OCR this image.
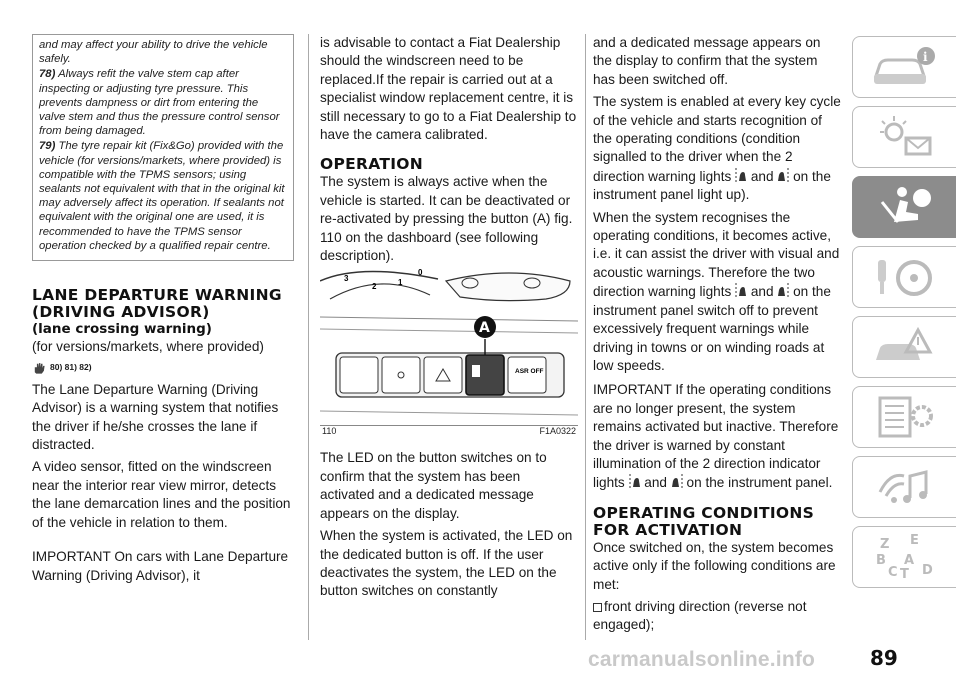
and may affect your ability to drive the vehicle safely.

78) Always refit the valve stem cap after inspecting or adjusting tyre pressure. This prevents dampness or dirt from entering the valve stem and thus the pressure control sensor from being damaged.

79) The tyre repair kit (Fix&Go) provided with the vehicle (for versions/markets, where provided) is compatible with the TPMS sensors; using sealants not equivalent with that in the original kit may adversely affect its operation. If sealants not equivalent with the original one are used, it is recommended to have the TPMS sensor operation checked by a qualified repair centre.

LANE DEPARTURE WARNING (DRIVING ADVISOR)
(lane crossing warning)

(for versions/markets, where provided)

80) 81) 82)

The Lane Departure Warning (Driving Advisor) is a warning system that notifies the driver if he/she crosses the lane if distracted.

A video sensor, fitted on the windscreen near the interior rear view mirror, detects the lane demarcation lines and the position of the vehicle in relation to them.

IMPORTANT On cars with Lane Departure Warning (Driving Advisor), it

is advisable to contact a Fiat Dealership should the windscreen need to be replaced.If the repair is carried out at a specialist window replacement centre, it is still necessary to go to a Fiat Dealership to have the camera calibrated.

OPERATION

The system is always active when the vehicle is started. It can be deactivated or re-activated by pressing the button (A) fig. 110 on the dashboard (see following description).

3
2	1
0
ASR OFF
A
110	F1A0322

The LED on the button switches on to confirm that the system has been activated and a dedicated message appears on the display.

When the system is activated, the LED on the dedicated button is off. If the user deactivates the system, the LED on the button switches on constantly

and a dedicated message appears on the display to confirm that the system has been switched off.

The system is enabled at every key cycle of the vehicle and starts recognition of the operating conditions (condition signalled to the driver when the 2 direction warning lights and on the instrument panel light up).

When the system recognises the operating conditions, it becomes active, i.e. it can assist the driver with visual and acoustic warnings. Therefore the two direction warning lights and on the instrument panel switch off to prevent excessively frequent warnings while driving in towns or on winding roads at low speeds.

IMPORTANT If the operating conditions are no longer present, the system remains activated but inactive. Therefore the driver is warned by constant illumination of the 2 direction indicator lights and on the instrument panel.

OPERATING CONDITIONS FOR ACTIVATION

Once switched on, the system becomes active only if the following conditions are met:

front driving direction (reverse not engaged);

i
Z E
B A
C T D
carmanualsonline.info	89
